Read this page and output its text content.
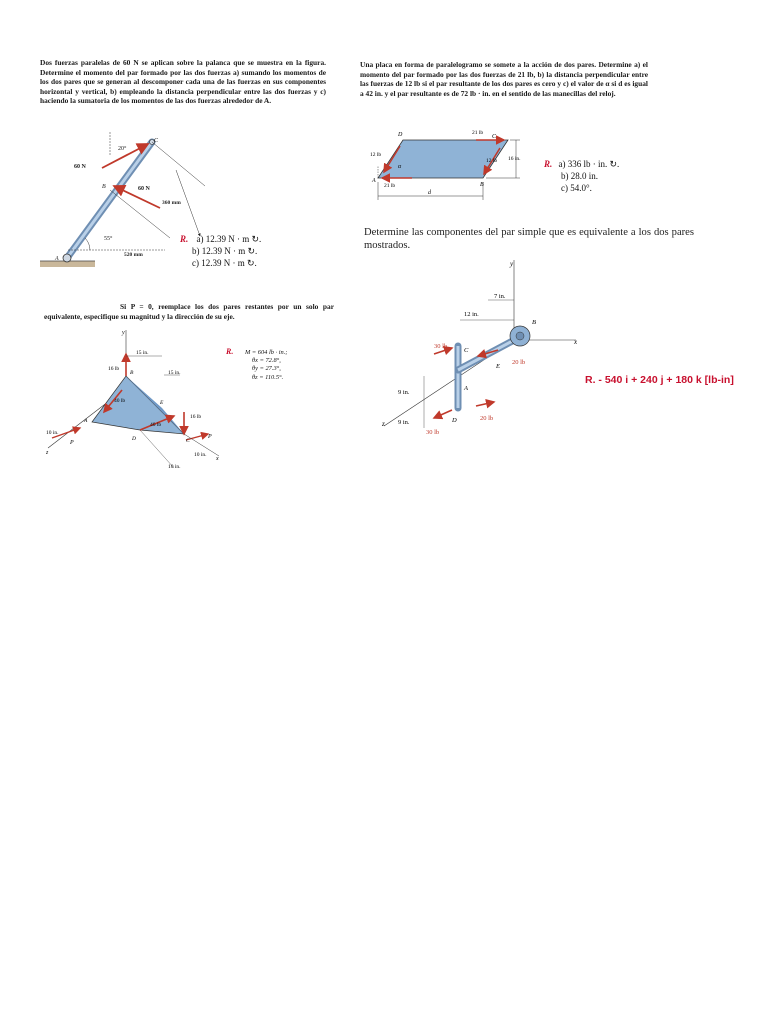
Dos fuerzas paralelas de 60 N se aplican sobre la palanca que se muestra en la figura. Determine el momento del par formado por las dos fuerzas a) sumando los momentos de los dos pares que se generan al descomponer cada una de las fuerzas en sus componentes horizontal y vertical, b) empleando la distancia perpendicular entre las dos fuerzas y c) haciendo la sumatoria de los momentos de las dos fuerzas alrededor de A.
20°
60 N
60 N
C
B
A
55°
360 mm
520 mm
R. a) 12.39 N · m ↻.
b) 12.39 N · m ↻.
c) 12.39 N · m ↻.
Una placa en forma de paralelogramo se somete a la acción de dos pares. Determine a) el momento del par formado por las dos fuerzas de 21 lb, b) la distancia perpendicular entre las fuerzas de 12 lb si el par resultante de los dos pares es cero y c) el valor de α si d es igual a 42 in. y el par resultante es de 72 lb · in. en el sentido de las manecillas del reloj.
D	21 lb
C
12 lb
α
12 lb 16 in.
A
21 lb	B
d
R. a) 336 lb · in. ↻.
b) 28.0 in.
c) 54.0°.
Si P = 0, reemplace los dos pares restantes por un solo par equivalente, especifique su magnitud y la dirección de su eje.
y
15 in.
16 lb
B	15 in.
40 lb	E
16 lb
A
40 lb
D
10 in.
P
P
C
z	10 in.
x
10 in.
R. M = 604 lb · in.;
θx = 72.8°,
θy = 27.3°,
θz = 110.5°.
Determine las componentes del par simple que es equivalente a los dos pares mostrados.
y
7 in.
12 in.
B
x
30 lb
C
20 lb
E
9 in.
A
D	20 lb
9 in.
z
30 lb
R. - 540 i + 240 j + 180 k [lb-in]
